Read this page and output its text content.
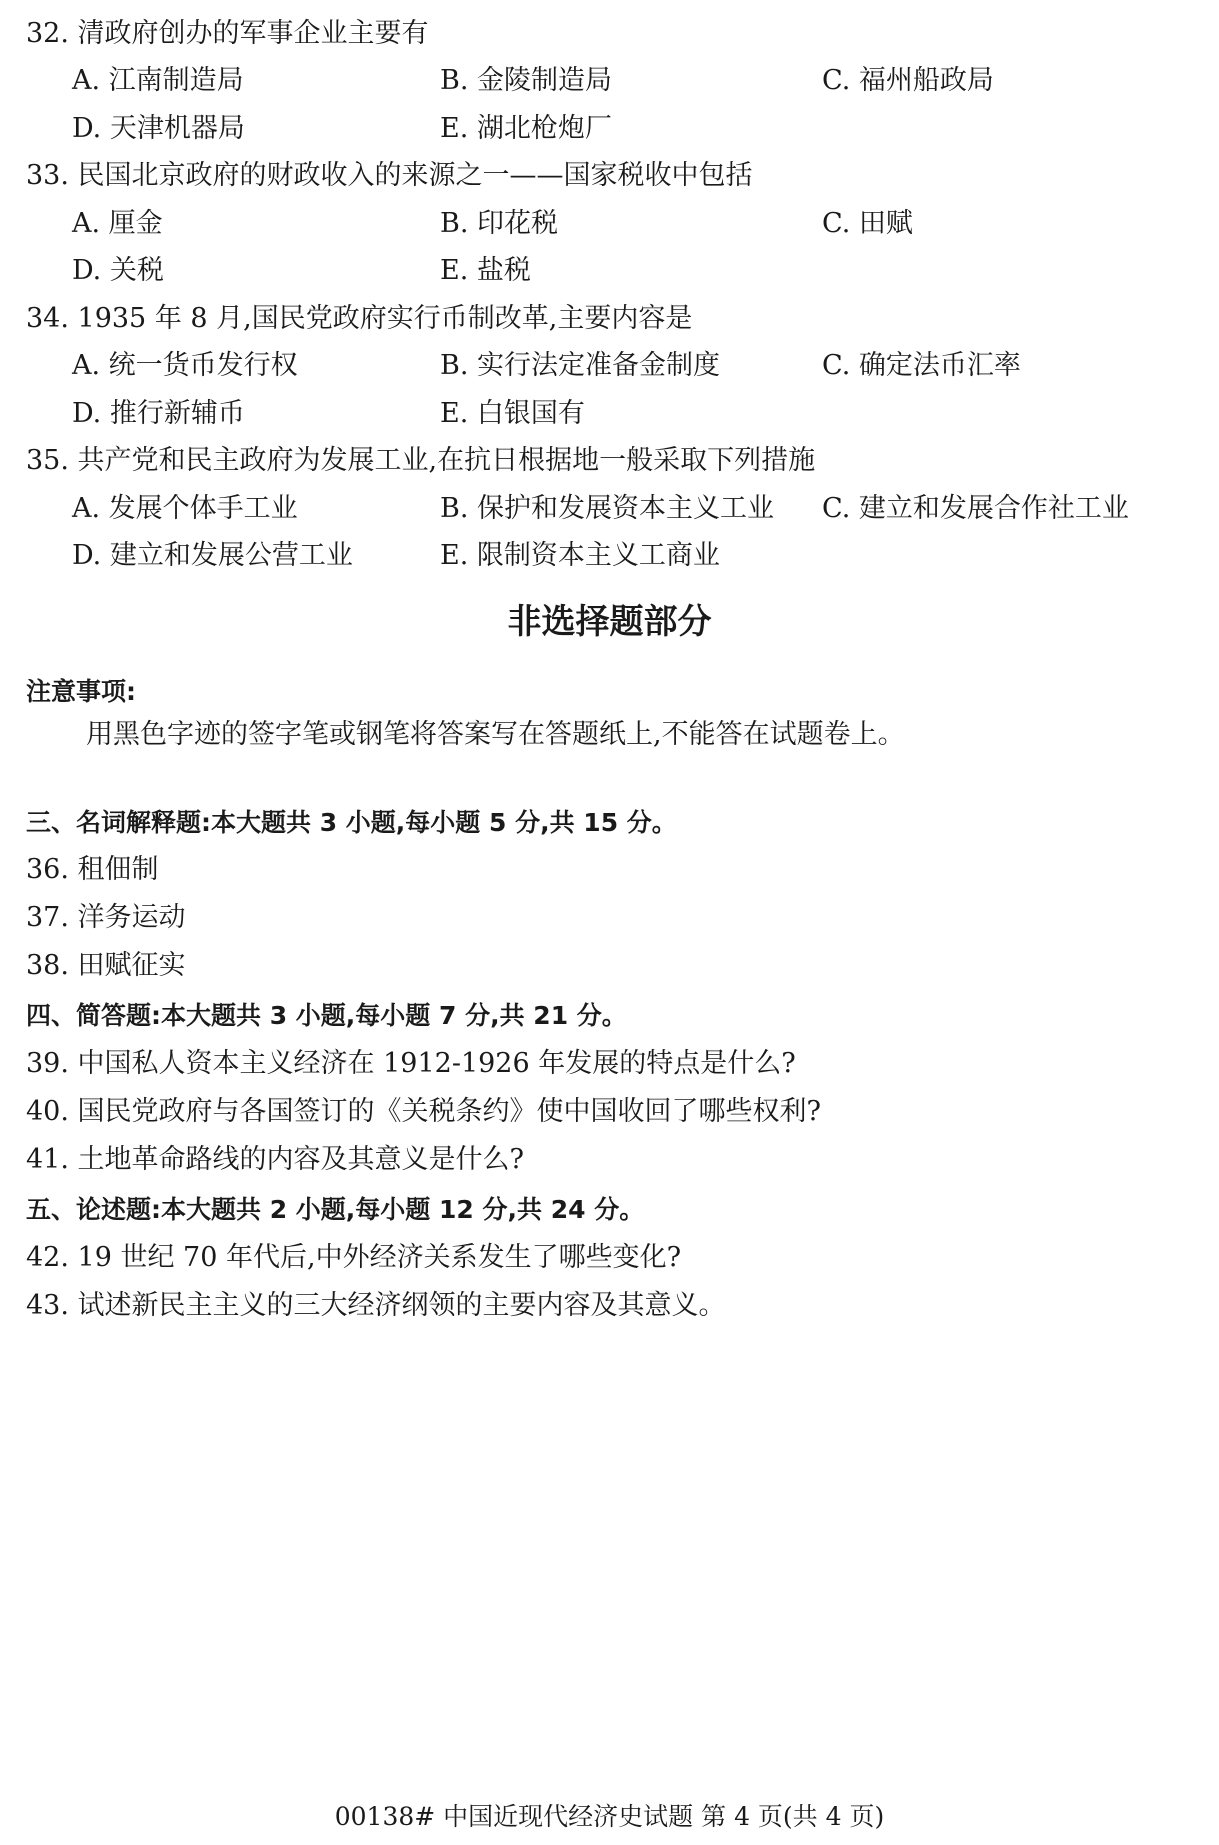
32. 清政府创办的军事企业主要有
A. 江南制造局	B. 金陵制造局	C. 福州船政局
D. 天津机器局	E. 湖北枪炮厂
33. 民国北京政府的财政收入的来源之一——国家税收中包括
A. 厘金	B. 印花税	C. 田赋
D. 关税	E. 盐税
34. 1935 年 8 月,国民党政府实行币制改革,主要内容是
A. 统一货币发行权	B. 实行法定准备金制度	C. 确定法币汇率
D. 推行新辅币	E. 白银国有
35. 共产党和民主政府为发展工业,在抗日根据地一般采取下列措施
A. 发展个体手工业	B. 保护和发展资本主义工业 C. 建立和发展合作社工业
D. 建立和发展公营工业	E. 限制资本主义工商业
非选择题部分
注意事项:
用黑色字迹的签字笔或钢笔将答案写在答题纸上,不能答在试题卷上。
三、名词解释题:本大题共 3 小题,每小题 5 分,共 15 分。
36. 租佃制
37. 洋务运动
38. 田赋征实
四、简答题:本大题共 3 小题,每小题 7 分,共 21 分。
39. 中国私人资本主义经济在 1912-1926 年发展的特点是什么?
40. 国民党政府与各国签订的《关税条约》使中国收回了哪些权利?
41. 土地革命路线的内容及其意义是什么?
五、论述题:本大题共 2 小题,每小题 12 分,共 24 分。
42. 19 世纪 70 年代后,中外经济关系发生了哪些变化?
43. 试述新民主主义的三大经济纲领的主要内容及其意义。
00138# 中国近现代经济史试题 第 4 页(共 4 页)
